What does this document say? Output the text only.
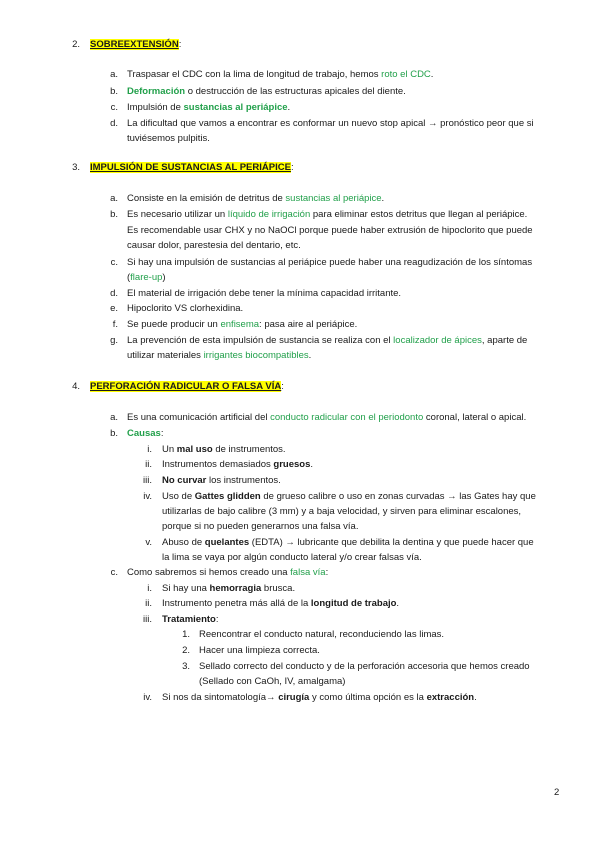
2. SOBREEXTENSIÓN:
a. Traspasar el CDC con la lima de longitud de trabajo, hemos roto el CDC.
b. Deformación o destrucción de las estructuras apicales del diente.
c. Impulsión de sustancias al periápice.
d. La dificultad que vamos a encontrar es conformar un nuevo stop apical → pronóstico peor que si
tuviésemos pulpitis.
3. IMPULSIÓN DE SUSTANCIAS AL PERIÁPICE:
a. Consiste en la emisión de detritus de sustancias al periápice.
b. Es necesario utilizar un líquido de irrigación para eliminar estos detritus que llegan al periápice.
Es recomendable usar CHX y no NaOCl porque puede haber extrusión de hipoclorito que puede
causar dolor, parestesia del dentario, etc.
c. Si hay una impulsión de sustancias al periápice puede haber una reagudización de los síntomas
(flare-up)
d. El material de irrigación debe tener la mínima capacidad irritante.
e. Hipoclorito VS clorhexidina.
f. Se puede producir un enfisema: pasa aire al periápice.
g. La prevención de esta impulsión de sustancia se realiza con el localizador de ápices, aparte de
utilizar materiales irrigantes biocompatibles.
4. PERFORACIÓN RADICULAR O FALSA VÍA:
a. Es una comunicación artificial del conducto radicular con el periodonto coronal, lateral o apical.
b. Causas:
i. Un mal uso de instrumentos.
ii. Instrumentos demasiados gruesos.
iii. No curvar los instrumentos.
iv. Uso de Gattes glidden de grueso calibre o uso en zonas curvadas → las Gates hay que
utilizarlas de bajo calibre (3 mm) y a baja velocidad, y sirven para eliminar escalones,
porque si no pueden generarnos una falsa vía.
v. Abuso de quelantes (EDTA) → lubricante que debilita la dentina y que puede hacer que
la lima se vaya por algún conducto lateral y/o crear falsas vía.
c. Como sabremos si hemos creado una falsa vía:
i. Si hay una hemorragia brusca.
ii. Instrumento penetra más allá de la longitud de trabajo.
iii. Tratamiento:
1. Reencontrar el conducto natural, reconduciendo las limas.
2. Hacer una limpieza correcta.
3. Sellado correcto del conducto y de la perforación accesoria que hemos creado
(Sellado con CaOh, IV, amalgama)
iv. Si nos da sintomatología→ cirugía y como última opción es la extracción.
2
